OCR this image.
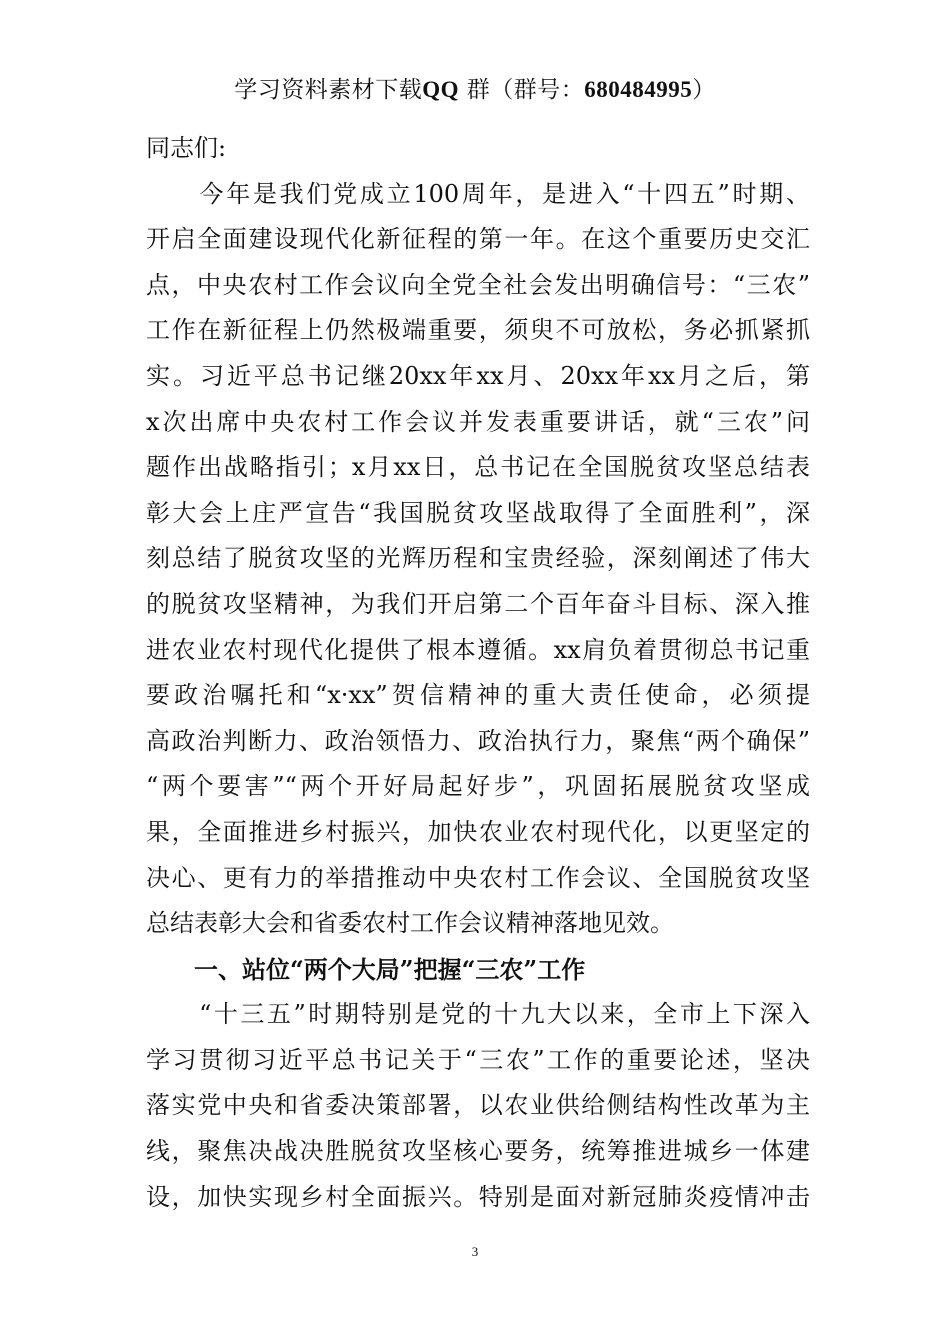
学习资料素材下载QQ 群（群号：680484995）
同志们:
　　今年是我们党成立100周年，是进入“十四五”时期、
开启全面建设现代化新征程的第一年。在这个重要历史交汇
点，中央农村工作会议向全党全社会发出明确信号：“三农”
工作在新征程上仍然极端重要，须臾不可放松，务必抓紧抓
实。习近平总书记继20xx年xx月、20xx年xx月之后，第
x次出席中央农村工作会议并发表重要讲话，就“三农”问
题作出战略指引；x月xx日，总书记在全国脱贫攻坚总结表
彰大会上庄严宣告“我国脱贫攻坚战取得了全面胜利”，深
刻总结了脱贫攻坚的光辉历程和宝贵经验，深刻阐述了伟大
的脱贫攻坚精神，为我们开启第二个百年奋斗目标、深入推
进农业农村现代化提供了根本遵循。xx肩负着贯彻总书记重
要政治嘱托和“x·xx”贺信精神的重大责任使命，必须提
高政治判断力、政治领悟力、政治执行力，聚焦“两个确保”
“两个要害”“两个开好局起好步”，巩固拓展脱贫攻坚成
果，全面推进乡村振兴，加快农业农村现代化，以更坚定的
决心、更有力的举措推动中央农村工作会议、全国脱贫攻坚
总结表彰大会和省委农村工作会议精神落地见效。
　　一、站位“两个大局”把握“三农”工作
　　“十三五”时期特别是党的十九大以来，全市上下深入
学习贯彻习近平总书记关于“三农”工作的重要论述，坚决
落实党中央和省委决策部署，以农业供给侧结构性改革为主
线，聚焦决战决胜脱贫攻坚核心要务，统筹推进城乡一体建
设，加快实现乡村全面振兴。特别是面对新冠肺炎疫情冲击
3
